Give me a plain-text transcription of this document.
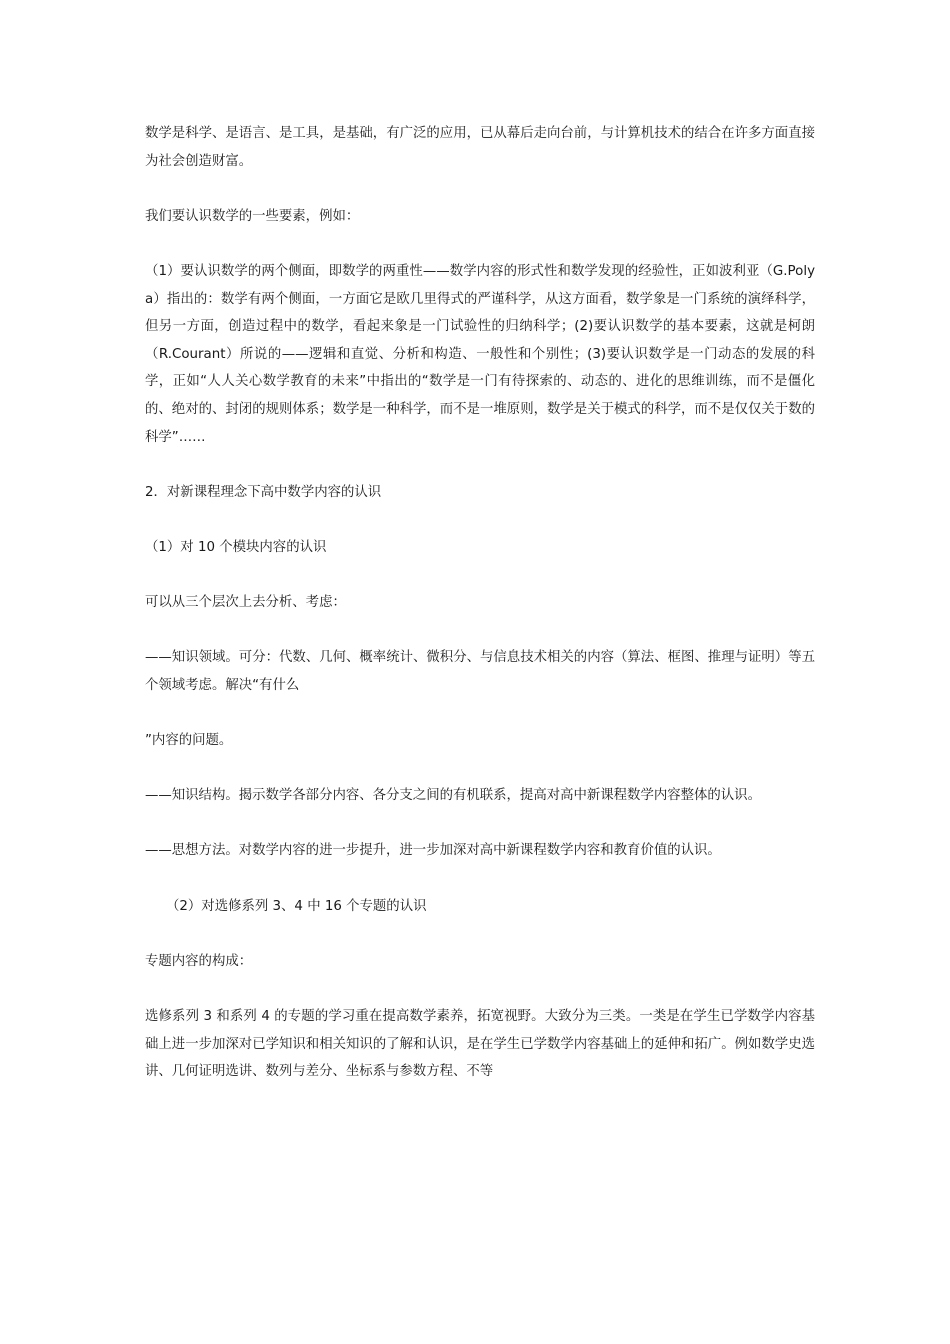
数学是科学、是语言、是工具，是基础，有广泛的应用，已从幕后走向台前，与计算机技术的结合在许多方面直接为社会创造财富。

我们要认识数学的一些要素，例如：

（1）要认识数学的两个侧面，即数学的两重性——数学内容的形式性和数学发现的经验性，正如波利亚（G.Polya）指出的：数学有两个侧面，一方面它是欧几里得式的严谨科学，从这方面看，数学象是一门系统的演绎科学，但另一方面，创造过程中的数学，看起来象是一门试验性的归纳科学；(2)要认识数学的基本要素，这就是柯朗（R.Courant）所说的——逻辑和直觉、分析和构造、一般性和个别性；(3)要认识数学是一门动态的发展的科学，正如“人人关心数学教育的未来”中指出的“数学是一门有待探索的、动态的、进化的思维训练，而不是僵化的、绝对的、封闭的规则体系；数学是一种科学，而不是一堆原则，数学是关于模式的科学，而不是仅仅关于数的科学”……

2．对新课程理念下高中数学内容的认识

（1）对 10 个模块内容的认识

可以从三个层次上去分析、考虑：

——知识领域。可分：代数、几何、概率统计、微积分、与信息技术相关的内容（算法、框图、推理与证明）等五个领域考虑。解决“有什么

”内容的问题。

——知识结构。揭示数学各部分内容、各分支之间的有机联系，提高对高中新课程数学内容整体的认识。

——思想方法。对数学内容的进一步提升，进一步加深对高中新课程数学内容和教育价值的认识。

（2）对选修系列 3、4 中 16 个专题的认识

专题内容的构成：

选修系列 3 和系列 4 的专题的学习重在提高数学素养，拓宽视野。大致分为三类。一类是在学生已学数学内容基础上进一步加深对已学知识和相关知识的了解和认识，是在学生已学数学内容基础上的延伸和拓广。例如数学史选讲、几何证明选讲、数列与差分、坐标系与参数方程、不等
